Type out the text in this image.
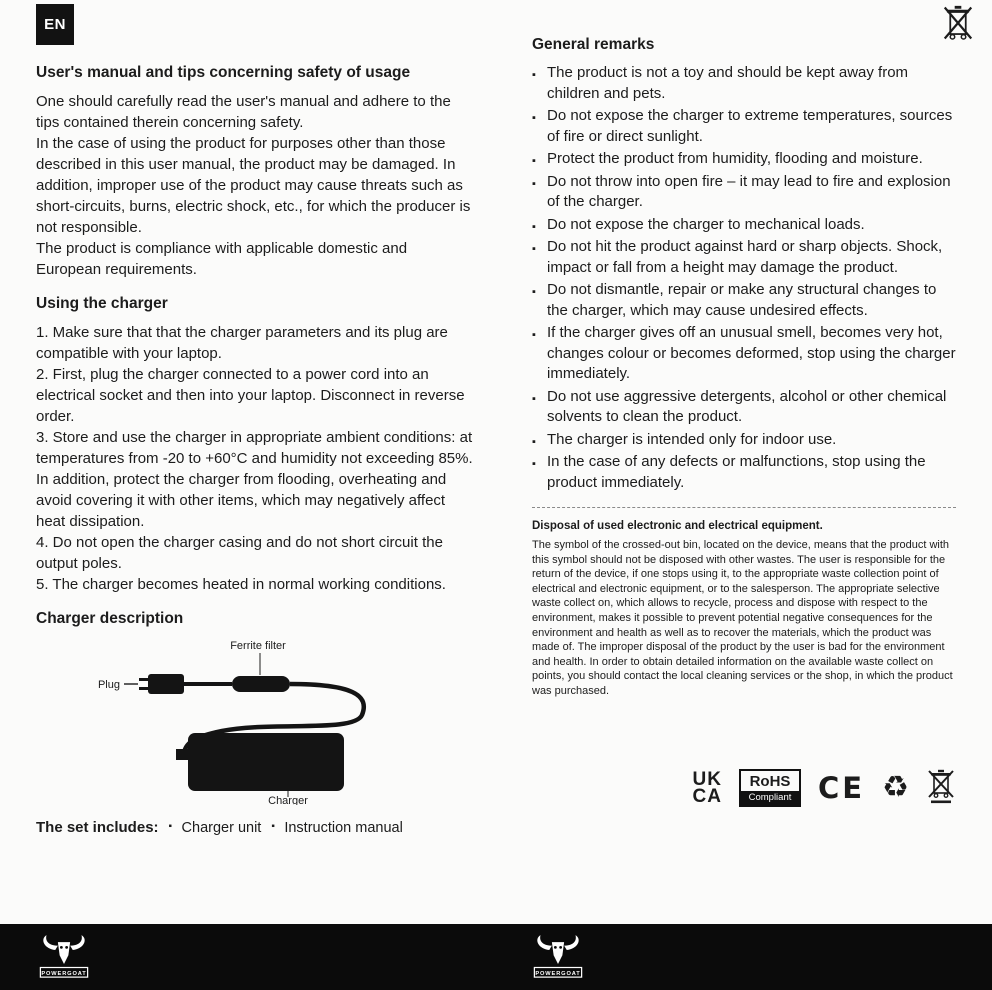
EN
User's manual and tips concerning safety of usage

One should carefully read the user's manual and adhere to the tips contained therein concerning safety.

In the case of using the product for purposes other than those described in this user manual, the product may be damaged. In addition, improper use of the product may cause threats such as short-circuits, burns, electric shock, etc., for which the producer is not responsible.

The product is compliance with applicable domestic and European requirements.

Using the charger

1. Make sure that that the charger parameters and its plug are compatible with your laptop.

2. First, plug the charger connected to a power cord into an electrical socket and then into your laptop. Disconnect in reverse order.

3. Store and use the charger in appropriate ambient conditions: at temperatures from -20 to +60°C and humidity not exceeding 85%. In addition, protect the charger from flooding, overheating and avoid covering it with other items, which may negatively affect heat dissipation.

4. Do not open the charger casing and do not short circuit the output poles.

5. The charger becomes heated in normal working conditions.

Charger description
Ferrite filter
Plug
Charger
The set includes:	▪ Charger unit	▪ Instruction manual
General remarks
▪ The product is not a toy and should be kept away from children and pets.
▪ Do not expose the charger to extreme temperatures, sources of fire or direct sunlight.
▪ Protect the product from humidity, flooding and moisture.
▪ Do not throw into open fire – it may lead to fire and explosion of the charger.
▪ Do not expose the charger to mechanical loads.
▪ Do not hit the product against hard or sharp objects. Shock, impact or fall from a height may damage the product.
▪ Do not dismantle, repair or make any structural changes to the charger, which may cause undesired effects.
▪ If the charger gives off an unusual smell, becomes very hot, changes colour or becomes deformed, stop using the charger immediately.
▪ Do not use aggressive detergents, alcohol or other chemical solvents to clean the product.
▪ The charger is intended only for indoor use.
▪ In the case of any defects or malfunctions, stop using the product immediately.
Disposal of used electronic and electrical equipment.

The symbol of the crossed-out bin, located on the device, means that the product with this symbol should not be disposed with other wastes. The user is responsible for the return of the device, if one stops using it, to the appropriate waste collection point of electrical and electronic equipment, or to the salesperson. The appropriate selective waste collect on, which allows to recycle, process and dispose with respect to the environment, makes it possible to prevent potential negative consequences for the environment and health as well as to recover the materials, which the product was made of. The improper disposal of the product by the user is bad for the environment and health. In order to obtain detailed information on the available waste collect on points, you should contact the local cleaning services or the shop, in which the product was purchased.

UK
CA
RoHS
Compliant CE ♻
POWERGOAT	POWERGOAT
